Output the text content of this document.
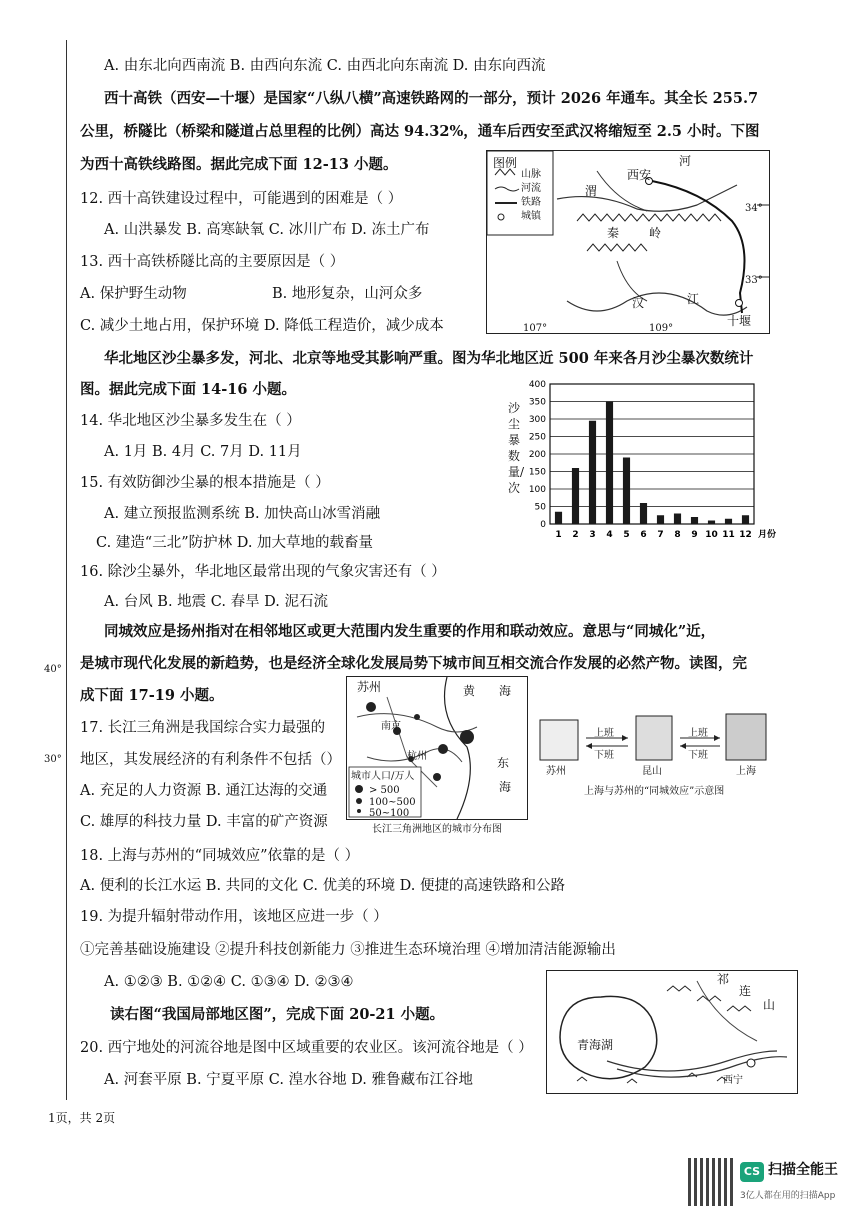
40°
30°
A. 由东北向西南流 B. 由西向东流 C. 由西北向东南流 D. 由东向西流
西十高铁（西安—十堰）是国家“八纵八横”高速铁路网的一部分，预计 2026 年通车。其全长 255.7
公里，桥隧比（桥梁和隧道占总里程的比例）高达 94.32%，通车后西安至武汉将缩短至 2.5 小时。下图
为西十高铁线路图。据此完成下面 12-13 小题。
12. 西十高铁建设过程中，可能遇到的困难是（ ）
A. 山洪暴发 B. 高寒缺氧 C. 冰川广布 D. 冻土广布
13. 西十高铁桥隧比高的主要原因是（ ）
A. 保护野生动物	B. 地形复杂，山河众多
C. 减少土地占用，保护环境 D. 降低工程造价，减少成本
图例
山脉
河流
铁路
城镇
西安
河
渭
秦 岭
汉	江
十堰
34°
33°
107°	109°
华北地区沙尘暴多发，河北、北京等地受其影响严重。图为华北地区近 500 年来各月沙尘暴次数统计
图。据此完成下面 14-16 小题。
14. 华北地区沙尘暴多发生在（ ）
A. 1月 B. 4月 C. 7月 D. 11月
15. 有效防御沙尘暴的根本措施是（ ）
A. 建立预报监测系统 B. 加快高山冰雪消融
C. 建造“三北”防护林 D. 加大草地的载畜量
16. 除沙尘暴外，华北地区最常出现的气象灾害还有（ ）
A. 台风 B. 地震 C. 春旱 D. 泥石流
沙尘暴数量/次
0
50
100
150
200
250
300
350
400
1 2 3 4 5 6 7 8 9 10 11 12 月份
同城效应是扬州指对在相邻地区或更大范围内发生重要的作用和联动效应。意思与“同城化”近，
是城市现代化发展的新趋势，也是经济全球化发展局势下城市间互相交流合作发展的必然产物。读图，完
成下面 17-19 小题。
17. 长江三角洲是我国综合实力最强的
地区，其发展经济的有利条件不包括（）
A. 充足的人力资源 B. 通江达海的交通
C. 雄厚的科技力量 D. 丰富的矿产资源
苏州
南京
杭州
黄 海
东
海
城市人口/万人
> 500
100~500
50~100
长江三角洲地区的城市分布图
上班
下班
上班
下班
苏州	昆山	上海
上海与苏州的“同城效应”示意图
18. 上海与苏州的“同城效应”依靠的是（ ）
A. 便利的长江水运 B. 共同的文化 C. 优美的环境 D. 便捷的高速铁路和公路
19. 为提升辐射带动作用，该地区应进一步（ ）
①完善基础设施建设 ②提升科技创新能力 ③推进生态环境治理 ④增加清洁能源输出
A. ①②③ B. ①②④ C. ①③④ D. ②③④
读右图“我国局部地区图”，完成下面 20-21 小题。
20. 西宁地处的河流谷地是图中区域重要的农业区。该河流谷地是（ ）
A. 河套平原 B. 宁夏平原 C. 湟水谷地 D. 雅鲁藏布江谷地
青海湖
祁
连
山
西宁
1页，共 2页
CS 扫描全能王
3亿人都在用的扫描App
